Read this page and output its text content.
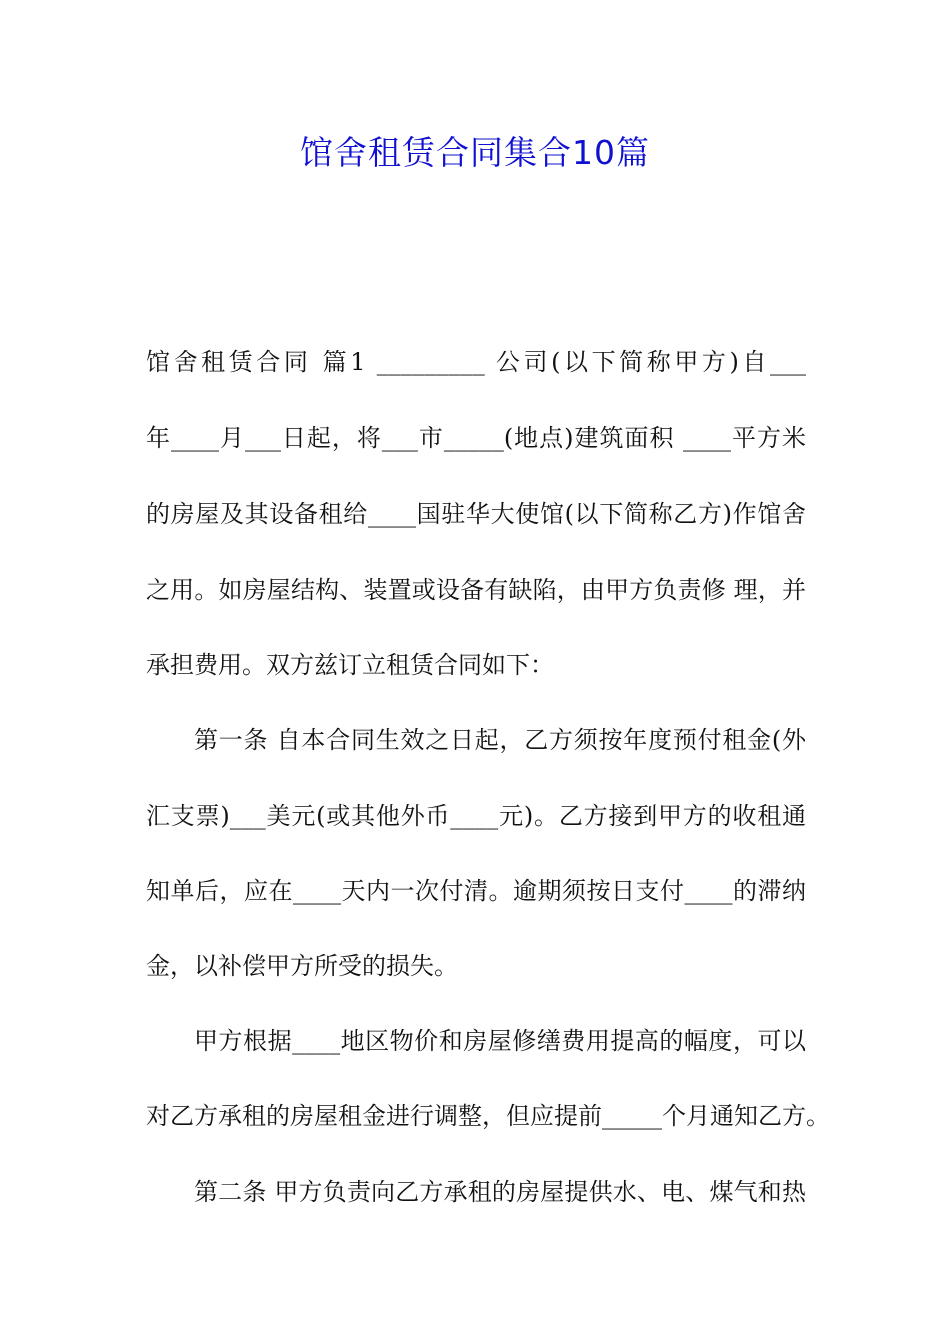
馆舍租赁合同集合10篇
馆舍租赁合同 篇1 _________ 公司(以下简称甲方)自___
年____月___日起，将___市_____(地点)建筑面积 ____平方米
的房屋及其设备租给____国驻华大使馆(以下简称乙方)作馆舍
之用。如房屋结构、装置或设备有缺陷，由甲方负责修 理，并
承担费用。双方兹订立租赁合同如下：
第一条 自本合同生效之日起，乙方须按年度预付租金(外
汇支票)___美元(或其他外币____元)。乙方接到甲方的收租通
知单后，应在____天内一次付清。逾期须按日支付____的滞纳
金，以补偿甲方所受的损失。
甲方根据____地区物价和房屋修缮费用提高的幅度，可以
对乙方承租的房屋租金进行调整，但应提前_____个月通知乙方。
第二条 甲方负责向乙方承租的房屋提供水、电、煤气和热
